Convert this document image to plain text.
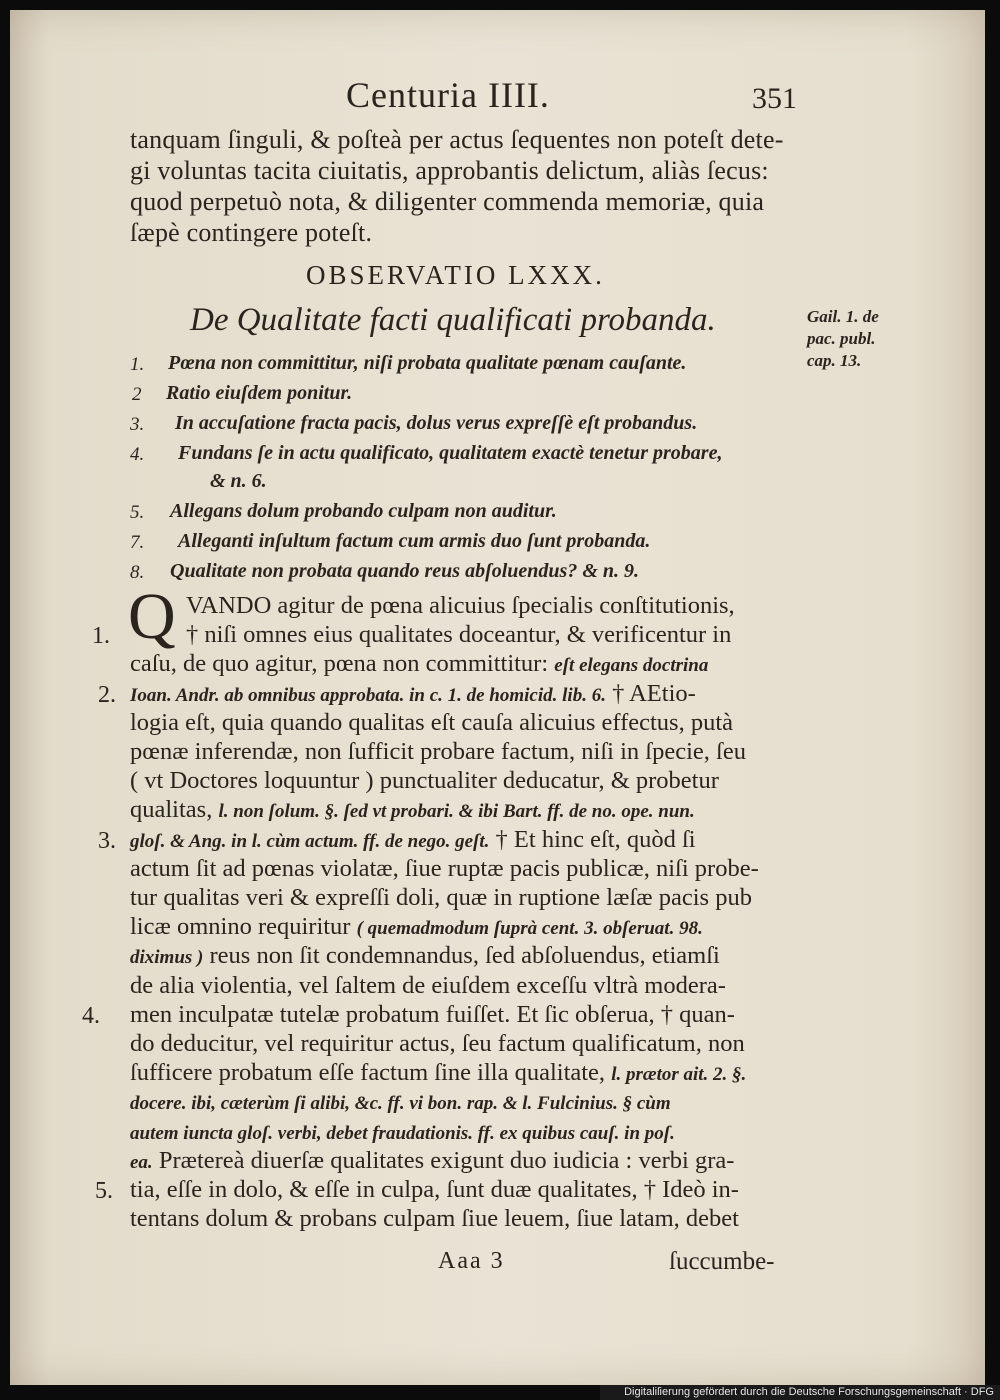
Centuria IIII.	351
tanquam ſinguli, & poſteà per actus ſequentes non poteſt dete-
gi voluntas tacita ciuitatis, approbantis delictum, aliàs ſecus:
quod perpetuò nota, & diligenter commenda memoriæ, quia
ſæpè contingere poteſt.
OBSERVATIO LXXX.
De Qualitate facti qualificati probanda.	Gail. 1. de
pac. publ.
cap. 13.
1. Pœna non committitur, niſi probata qualitate pœnam cauſante.
2 Ratio eiuſdem ponitur.
3. In accuſatione fracta pacis, dolus verus expreſſè eſt probandus.
4. Fundans ſe in actu qualificato, qualitatem exactè tenetur probare,
& n. 6.
5. Allegans dolum probando culpam non auditur.
7. Alleganti inſultum factum cum armis duo ſunt probanda.
8. Qualitate non probata quando reus abſoluendus? & n. 9.
Q VANDO agitur de pœna alicuius ſpecialis conſtitutionis,
† niſi omnes eius qualitates doceantur, & verificentur in
1.
caſu, de quo agitur, pœna non committitur: eſt elegans doctrina
Ioan. Andr. ab omnibus approbata. in c. 1. de homicid. lib. 6. † AEtio-
2.
logia eſt, quia quando qualitas eſt cauſa alicuius effectus, putà
pœnæ inferendæ, non ſufficit probare factum, niſi in ſpecie, ſeu
( vt Doctores loquuntur ) punctualiter deducatur, & probetur
qualitas, l. non ſolum. §. ſed vt probari. & ibi Bart. ff. de no. ope. nun.
gloſ. & Ang. in l. cùm actum. ff. de nego. geſt. † Et hinc eſt, quòd ſi
3.
actum ſit ad pœnas violatæ, ſiue ruptæ pacis publicæ, niſi probe-
tur qualitas veri & expreſſi doli, quæ in ruptione læſæ pacis pub
licæ omnino requiritur ( quemadmodum ſuprà cent. 3. obſeruat. 98.
diximus ) reus non ſit condemnandus, ſed abſoluendus, etiamſi
de alia violentia, vel ſaltem de eiuſdem exceſſu vltrà modera-
men inculpatæ tutelæ probatum fuiſſet. Et ſic obſerua, † quan-
4.
do deducitur, vel requiritur actus, ſeu factum qualificatum, non
ſufficere probatum eſſe factum ſine illa qualitate, l. prætor ait. 2. §.
docere. ibi, cæterùm ſi alibi, &c. ff. vi bon. rap. & l. Fulcinius. § cùm
autem iuncta gloſ. verbi, debet fraudationis. ff. ex quibus cauſ. in poſ.
ea. Prætereà diuerſæ qualitates exigunt duo iudicia : verbi gra-
tia, eſſe in dolo, & eſſe in culpa, ſunt duæ qualitates, † Ideò in-
5.
tentans dolum & probans culpam ſiue leuem, ſiue latam, debet
Aaa 3	ſuccumbe-
Digitaliſierung gefördert durch die Deutsche Forschungsgemeinschaft · DFG
